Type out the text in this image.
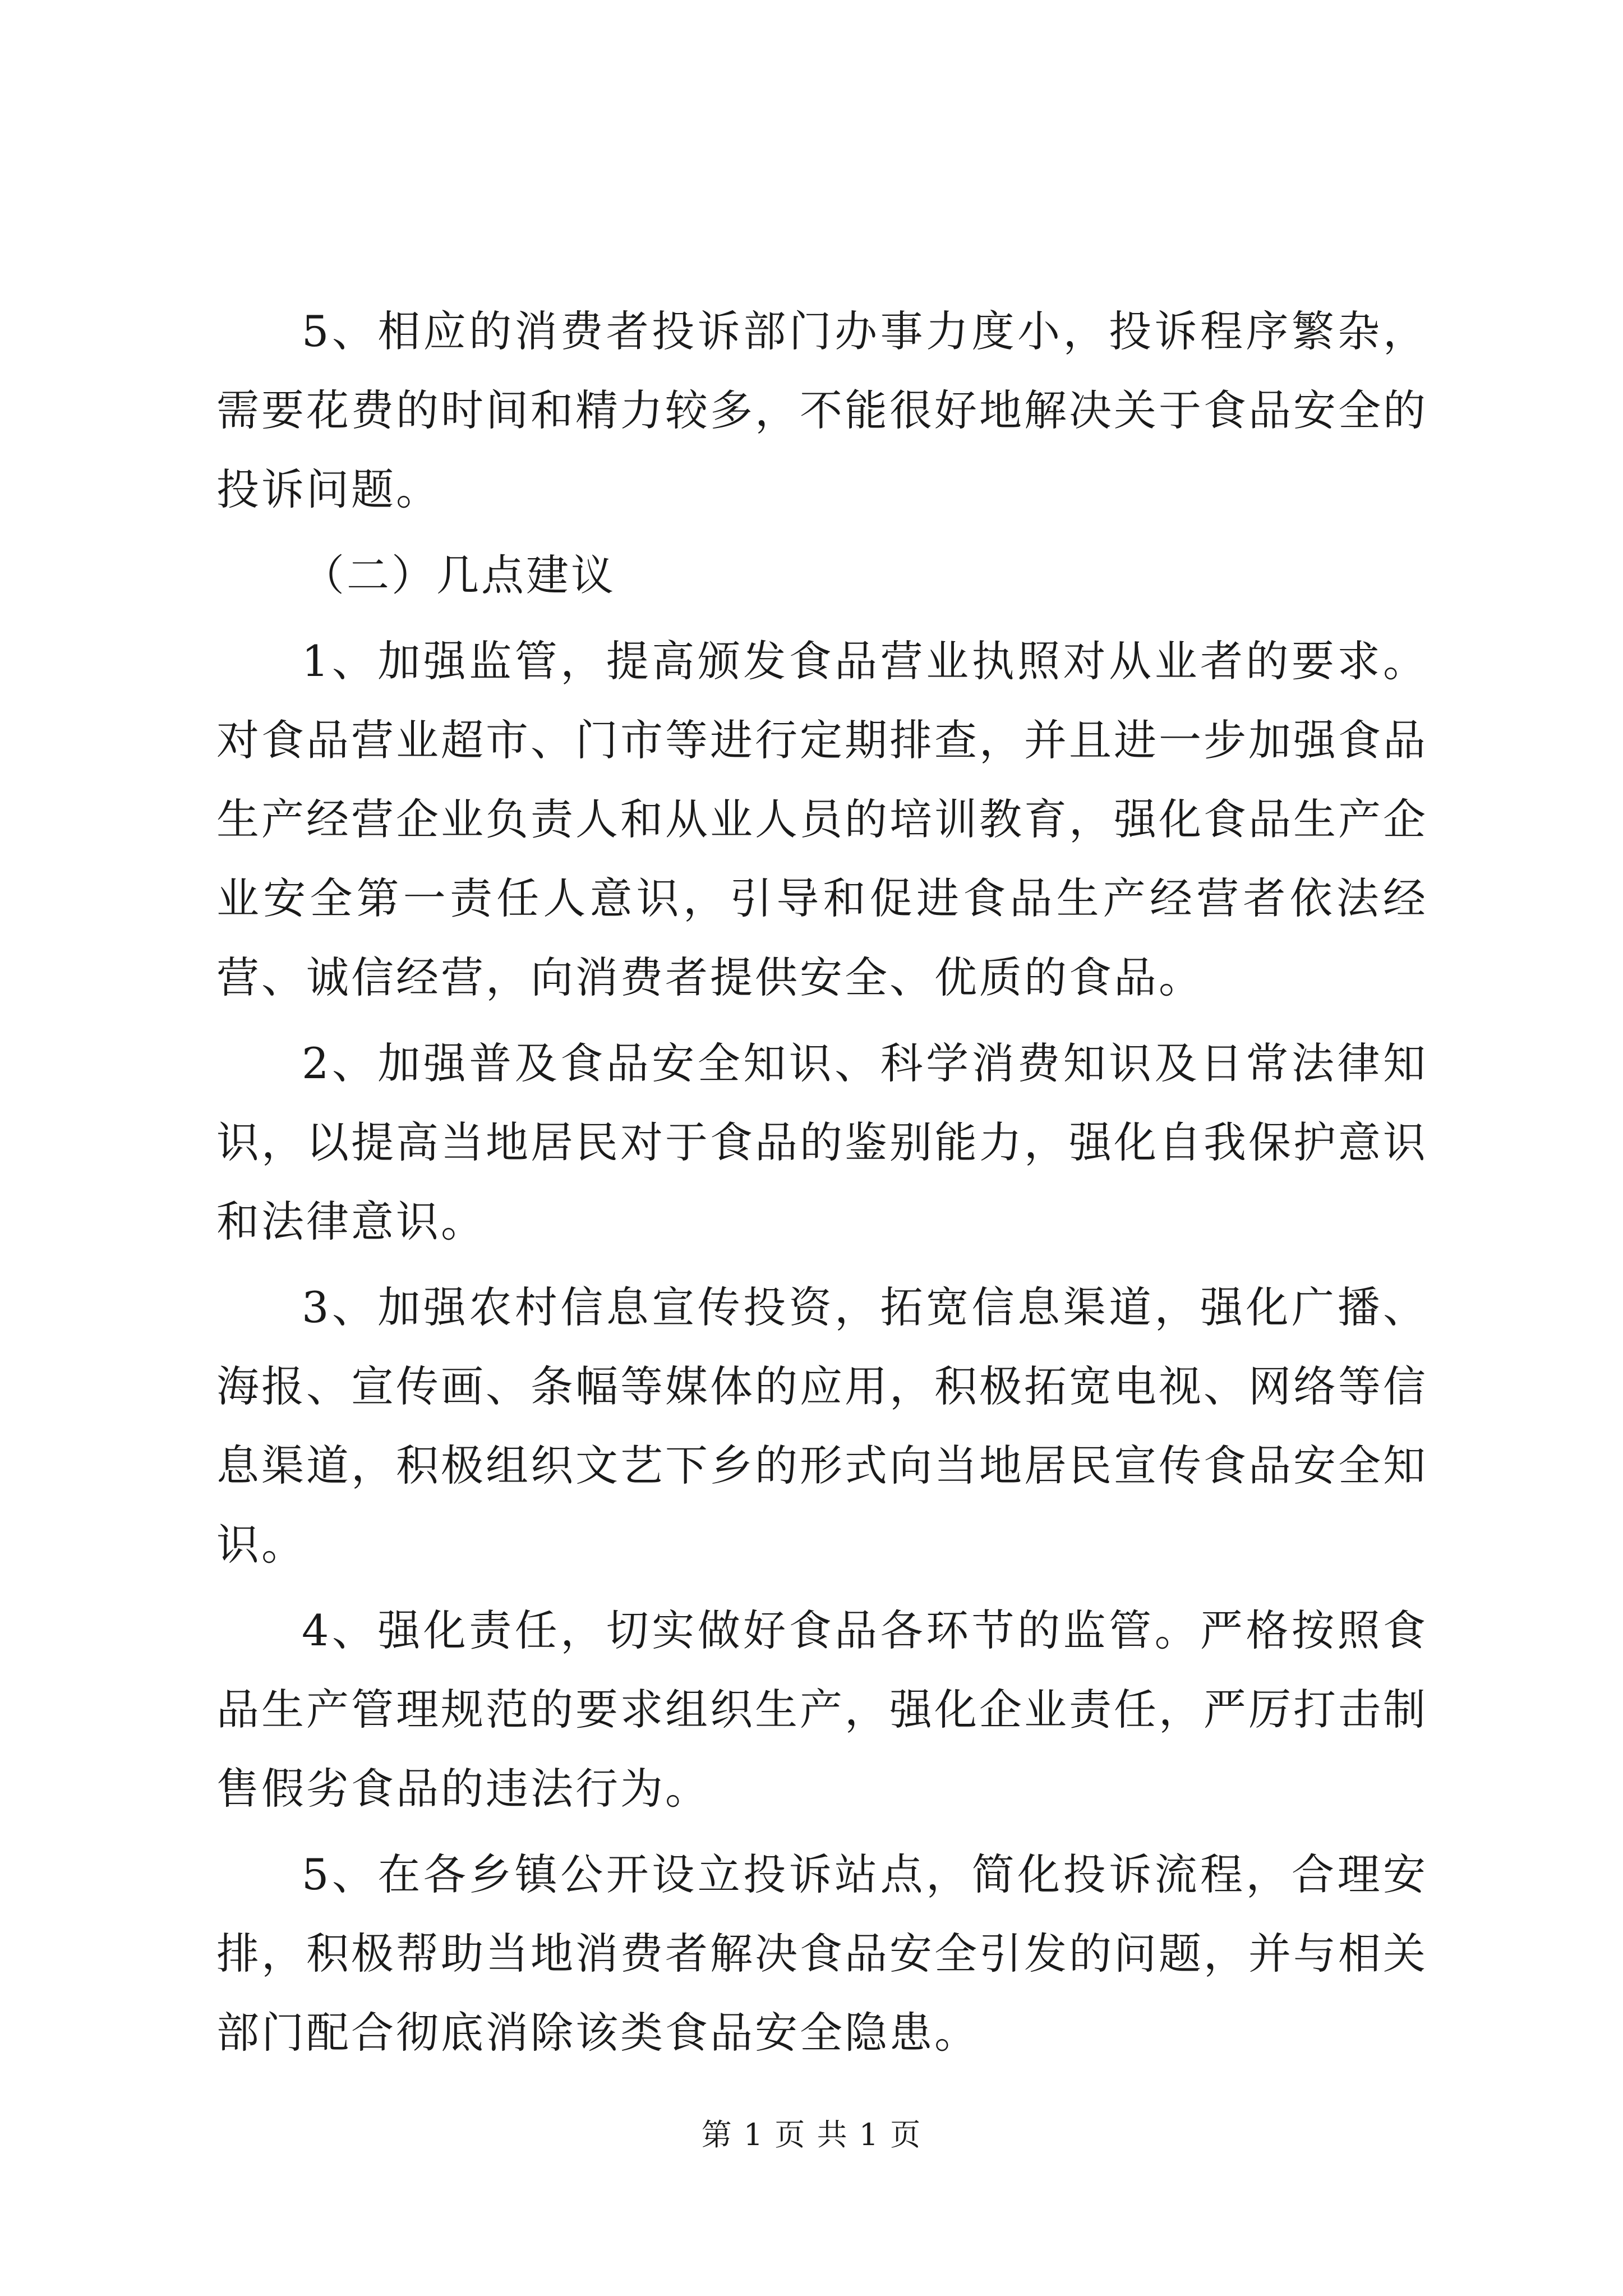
5、相应的消费者投诉部门办事力度小，投诉程序繁杂，需要花费的时间和精力较多，不能很好地解决关于食品安全的投诉问题。

（二）几点建议

1、加强监管，提高颁发食品营业执照对从业者的要求。对食品营业超市、门市等进行定期排查，并且进一步加强食品生产经营企业负责人和从业人员的培训教育，强化食品生产企业安全第一责任人意识，引导和促进食品生产经营者依法经营、诚信经营，向消费者提供安全、优质的食品。

2、加强普及食品安全知识、科学消费知识及日常法律知识，以提高当地居民对于食品的鉴别能力，强化自我保护意识和法律意识。

3、加强农村信息宣传投资，拓宽信息渠道，强化广播、海报、宣传画、条幅等媒体的应用，积极拓宽电视、网络等信息渠道，积极组织文艺下乡的形式向当地居民宣传食品安全知识。

4、强化责任，切实做好食品各环节的监管。严格按照食品生产管理规范的要求组织生产，强化企业责任，严厉打击制售假劣食品的违法行为。

5、在各乡镇公开设立投诉站点，简化投诉流程，合理安排，积极帮助当地消费者解决食品安全引发的问题，并与相关部门配合彻底消除该类食品安全隐患。

第 1 页 共 1 页
